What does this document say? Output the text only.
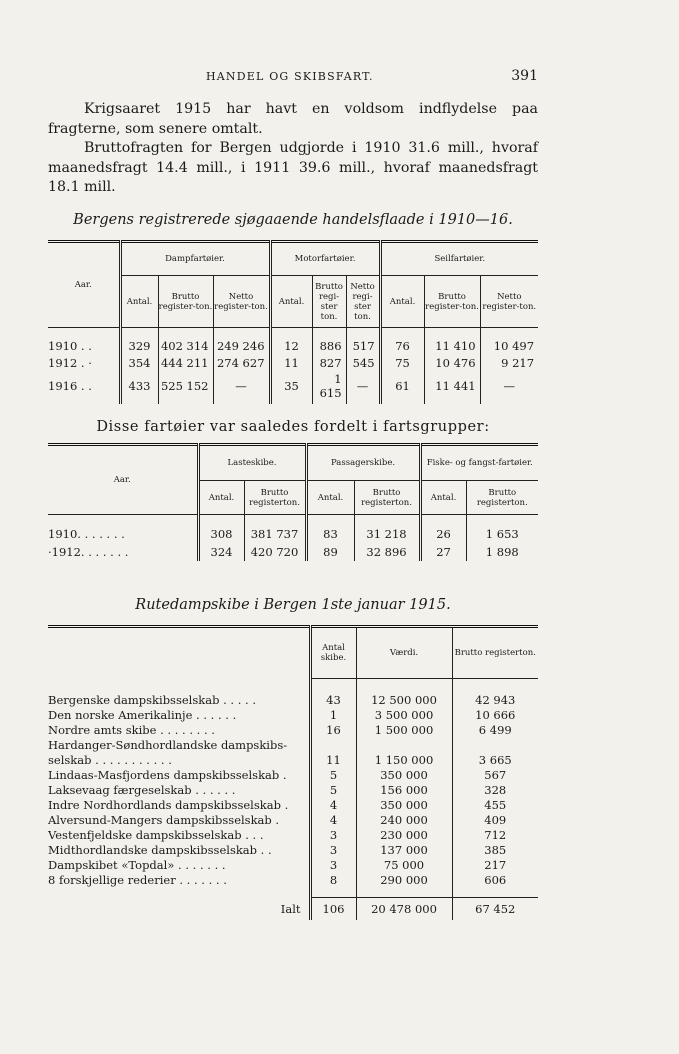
HANDEL OG SKIBSFART.	391

Krigsaaret 1915 har havt en voldsom indflydelse paa fragterne, som senere omtalt.

Bruttofragten for Bergen udgjorde i 1910 31.6 mill., hvoraf maanedsfragt 14.4 mill., i 1911 39.6 mill., hvoraf maanedsfragt 18.1 mill.

Bergens registrerede sjøgaaende handelsflaade i 1910—16.
Aar.	Dampfartøier.			Motorfartøier.			Seilfartøier.		
	Antal.	Brutto register-ton.	Netto register-ton.	Antal.	Brutto regi-ster ton.	Netto regi-ster ton.	Antal.	Brutto register-ton.	Netto register-ton.

1910 . .	329	402 314	249 246	12	886	517	76	11 410	10 497
1912 . ·	354	444 211	274 627	11	827	545	75	10 476	9 217
1916 . .	433	525 152	—	35	1 615	—	61	11 441	—

Disse fartøier var saaledes fordelt i fartsgrupper:
Aar.	Lasteskibe.		Passagerskibe.		Fiske- og fangst-fartøier.	
	Antal.	Brutto registerton.	Antal.	Brutto registerton.	Antal.	Brutto registerton.

1910. . . . . . .	308	381 737	83	31 218	26	1 653
·1912. . . . . . .	324	420 720	89	32 896	27	1 898
Rutedampskibe i Bergen 1ste januar 1915.
	Antal skibe.	Værdi.	Brutto registerton.

Bergenske dampskibsselskab . . . . .	43	12 500 000	42 943
Den norske Amerikalinje . . . . . .	1	3 500 000	10 666
Nordre amts skibe . . . . . . . .	16	1 500 000	6 499
Hardanger-Søndhordlandske dampskibs-			
selskab . . . . . . . . . . .	11	1 150 000	3 665
Lindaas-Masfjordens dampskibsselskab .	5	350 000	567
Laksevaag færgeselskab . . . . . .	5	156 000	328
Indre Nordhordlands dampskibsselskab .	4	350 000	455
Alversund-Mangers dampskibsselskab .	4	240 000	409
Vestenfjeldske dampskibsselskab . . .	3	230 000	712
Midthordlandske dampskibsselskab . .	3	137 000	385
Dampskibet «Topdal» . . . . . . .	3	75 000	217
8 forskjellige rederier . . . . . . .	8	290 000	606

Ialt	106	20 478 000	67 452
